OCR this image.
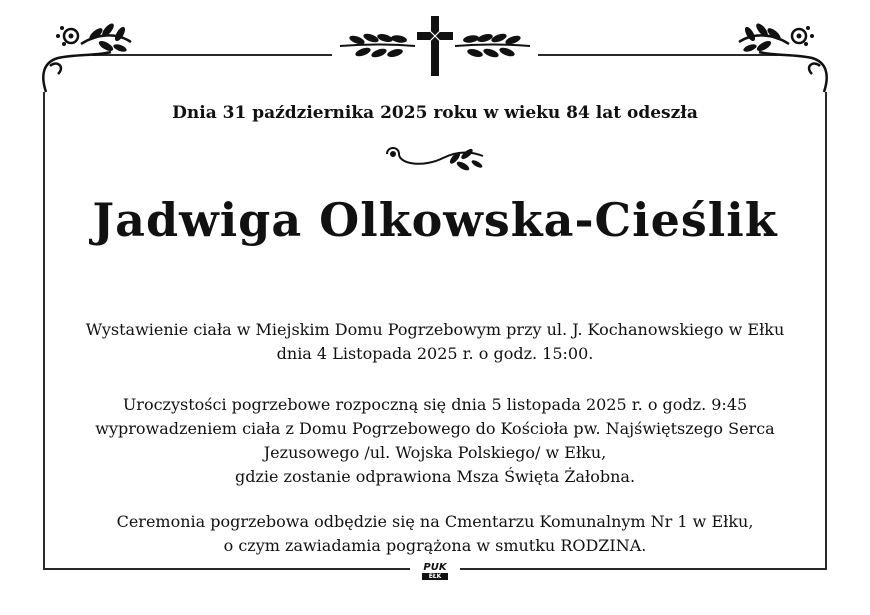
Dnia 31 października 2025 roku w wieku 84 lat odeszła
Jadwiga Olkowska-Cieślik
Wystawienie ciała w Miejskim Domu Pogrzebowym przy ul. J. Kochanowskiego w Ełku
dnia 4 Listopada 2025 r. o godz. 15:00.
Uroczystości pogrzebowe rozpoczną się dnia 5 listopada 2025 r. o godz. 9:45
wyprowadzeniem ciała z Domu Pogrzebowego do Kościoła pw. Najświętszego Serca
Jezusowego /ul. Wojska Polskiego/ w Ełku,
gdzie zostanie odprawiona Msza Święta Żałobna.
Ceremonia pogrzebowa odbędzie się na Cmentarzu Komunalnym Nr 1 w Ełku,
o czym zawiadamia pogrążona w smutku RODZINA.
PUK
EŁK
